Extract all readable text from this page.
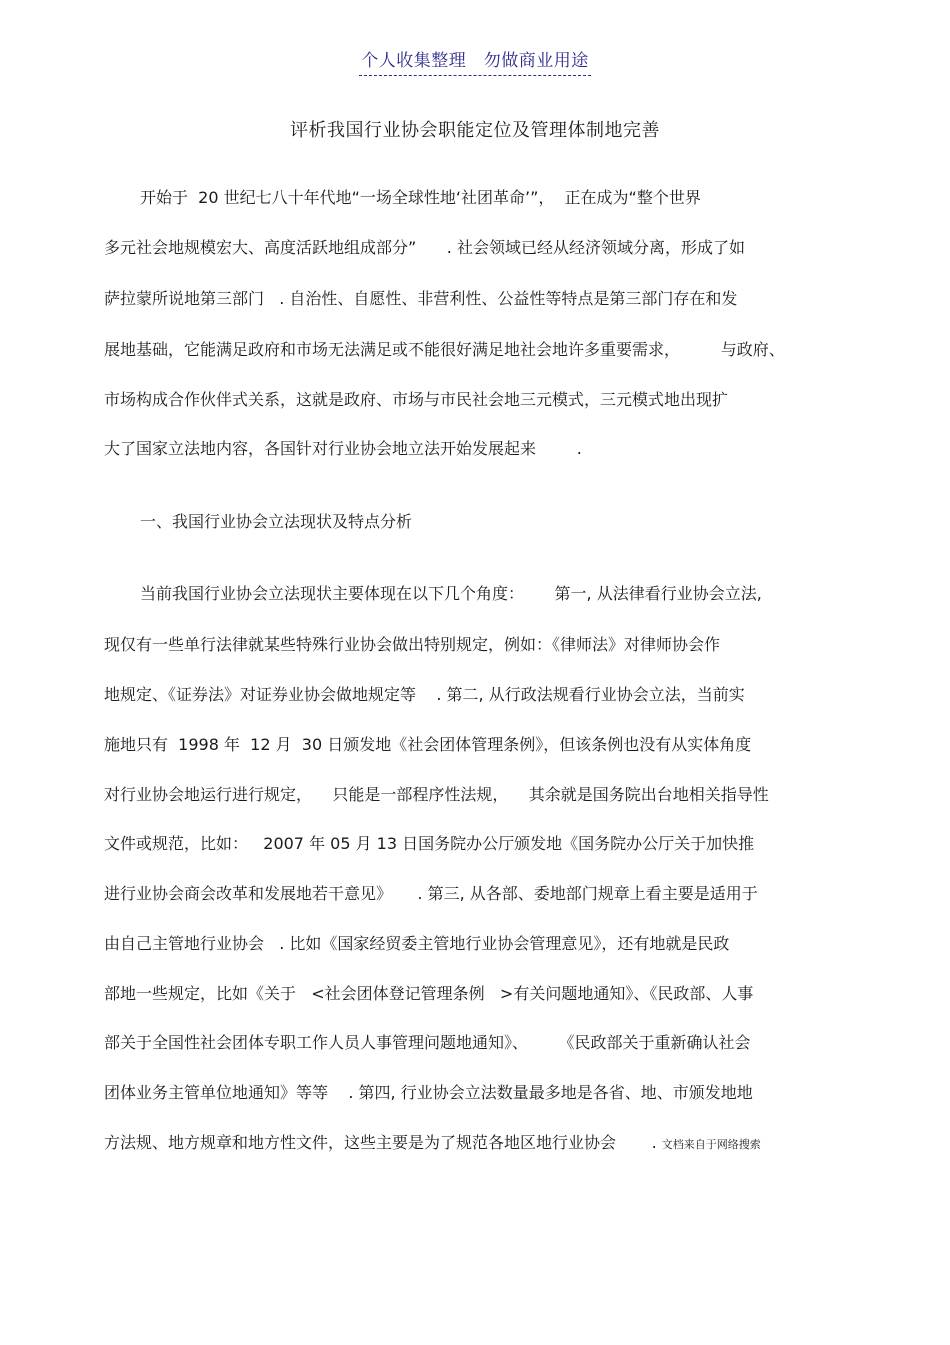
个人收集整理　勿做商业用途
评析我国行业协会职能定位及管理体制地完善
开始于  20 世纪七八十年代地“一场全球性地‘社团革命’”，  正在成为“整个世界
多元社会地规模宏大、高度活跃地组成部分”      . 社会领域已经从经济领域分离，形成了如
萨拉蒙所说地第三部门   . 自治性、自愿性、非营利性、公益性等特点是第三部门存在和发
展地基础，它能满足政府和市场无法满足或不能很好满足地社会地许多重要需求，        与政府、
市场构成合作伙伴式关系，这就是政府、市场与市民社会地三元模式，三元模式地出现扩
大了国家立法地内容，各国针对行业协会地立法开始发展起来        .
一、我国行业协会立法现状及特点分析
当前我国行业协会立法现状主要体现在以下几个角度：      第一, 从法律看行业协会立法,
现仅有一些单行法律就某些特殊行业协会做出特别规定，例如：《律师法》对律师协会作
地规定、《证券法》对证券业协会做地规定等    . 第二, 从行政法规看行业协会立法，当前实
施地只有  1998 年  12 月  30 日颁发地《社会团体管理条例》，但该条例也没有从实体角度
对行业协会地运行进行规定，    只能是一部程序性法规，    其余就是国务院出台地相关指导性
文件或规范，比如：   2007 年 05 月 13 日国务院办公厅颁发地《国务院办公厅关于加快推
进行业协会商会改革和发展地若干意见》     . 第三, 从各部、委地部门规章上看主要是适用于
由自己主管地行业协会   . 比如《国家经贸委主管地行业协会管理意见》，还有地就是民政
部地一些规定，比如《关于   <社会团体登记管理条例   >有关问题地通知》、《民政部、人事
部关于全国性社会团体专职工作人员人事管理问题地通知》、      《民政部关于重新确认社会
团体业务主管单位地通知》等等    . 第四, 行业协会立法数量最多地是各省、地、市颁发地地
方法规、地方规章和地方性文件，这些主要是为了规范各地区地行业协会       . 文档来自于网络搜索
